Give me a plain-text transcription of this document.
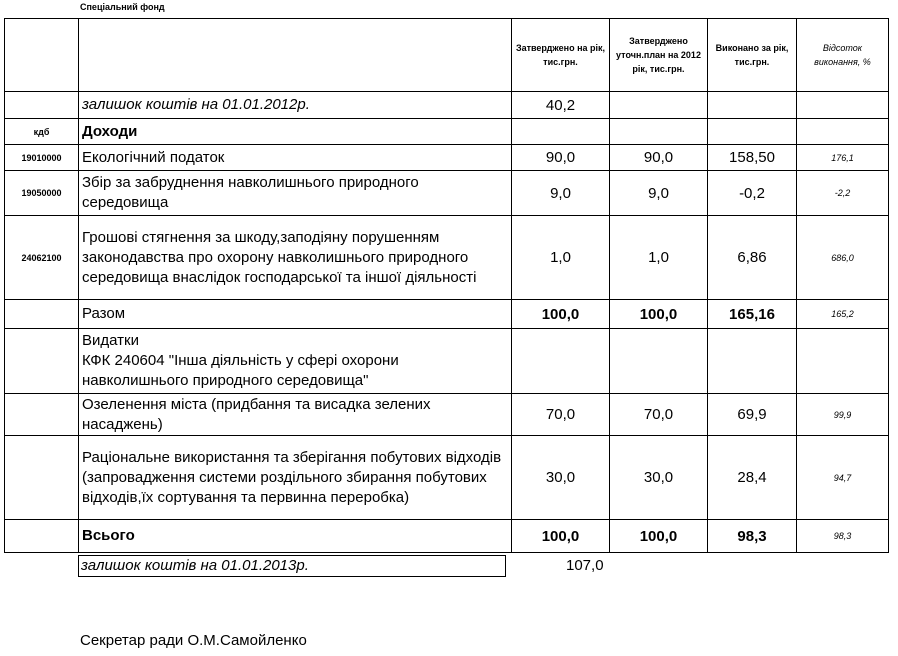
Спеціальний фонд
		Затверджено на рік, тис.грн.	Затверджено уточн.план на 2012 рік, тис.грн.	Виконано за рік, тис.грн.	Відсоток виконання, %
	залишок коштів на 01.01.2012р.	40,2			
кдб	Доходи				
19010000	Екологічний податок	90,0	90,0	158,50	176,1
19050000	Збір за забруднення навколишнього природного середовища	9,0	9,0	-0,2	-2,2
24062100	Грошові стягнення за шкоду,заподіяну порушенням законодавства про охорону навколишнього природного середовища внаслідок господарської та іншої діяльності	1,0	1,0	6,86	686,0
	Разом	100,0	100,0	165,16	165,2

	Видатки
КФК 240604 "Інша діяльність у сфері охорони
навколишнього природного середовища"				

	Озеленення міста (придбання та висадка зелених насаджень)	70,0	70,0	69,9	99,9
	Раціональне використання та зберігання побутових відходів (запровадження системи роздільного збирання побутових відходів,їх сортування та первинна переробка)	30,0	30,0	28,4	94,7
	Всього	100,0	100,0	98,3	98,3
залишок коштів на 01.01.2013р.	107,0
Секретар ради О.М.Самойленко
